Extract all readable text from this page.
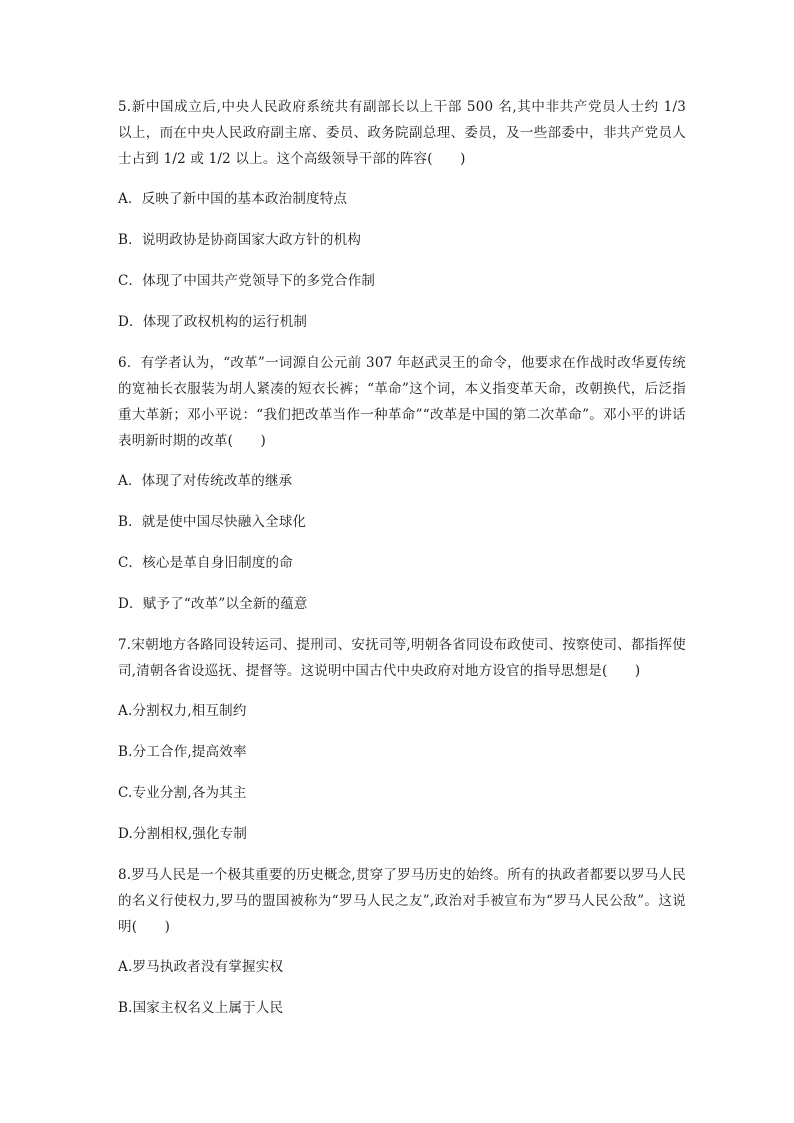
5.新中国成立后,中央人民政府系统共有副部长以上干部 500 名,其中非共产党员人士约 1/3 以上，而在中央人民政府副主席、委员、政务院副总理、委员，及一些部委中，非共产党员人士占到 1/2 或 1/2 以上。这个高级领导干部的阵容(　　)

A．反映了新中国的基本政治制度特点

B．说明政协是协商国家大政方针的机构

C．体现了中国共产党领导下的多党合作制

D．体现了政权机构的运行机制

6．有学者认为，“改革”一词源自公元前 307 年赵武灵王的命令，他要求在作战时改华夏传统的宽袖长衣服装为胡人紧凑的短衣长裤；“革命”这个词，本义指变革天命，改朝换代，后泛指重大革新；邓小平说：“我们把改革当作一种革命”“改革是中国的第二次革命”。邓小平的讲话表明新时期的改革(　　)

A．体现了对传统改革的继承

B．就是使中国尽快融入全球化

C．核心是革自身旧制度的命

D．赋予了“改革”以全新的蕴意

7.宋朝地方各路同设转运司、提刑司、安抚司等,明朝各省同设布政使司、按察使司、都指挥使司,清朝各省设巡抚、提督等。这说明中国古代中央政府对地方设官的指导思想是(　　)

A.分割权力,相互制约

B.分工合作,提高效率

C.专业分割,各为其主

D.分割相权,强化专制

8.罗马人民是一个极其重要的历史概念,贯穿了罗马历史的始终。所有的执政者都要以罗马人民的名义行使权力,罗马的盟国被称为“罗马人民之友”,政治对手被宣布为“罗马人民公敌”。这说明(　　)

A.罗马执政者没有掌握实权

B.国家主权名义上属于人民
